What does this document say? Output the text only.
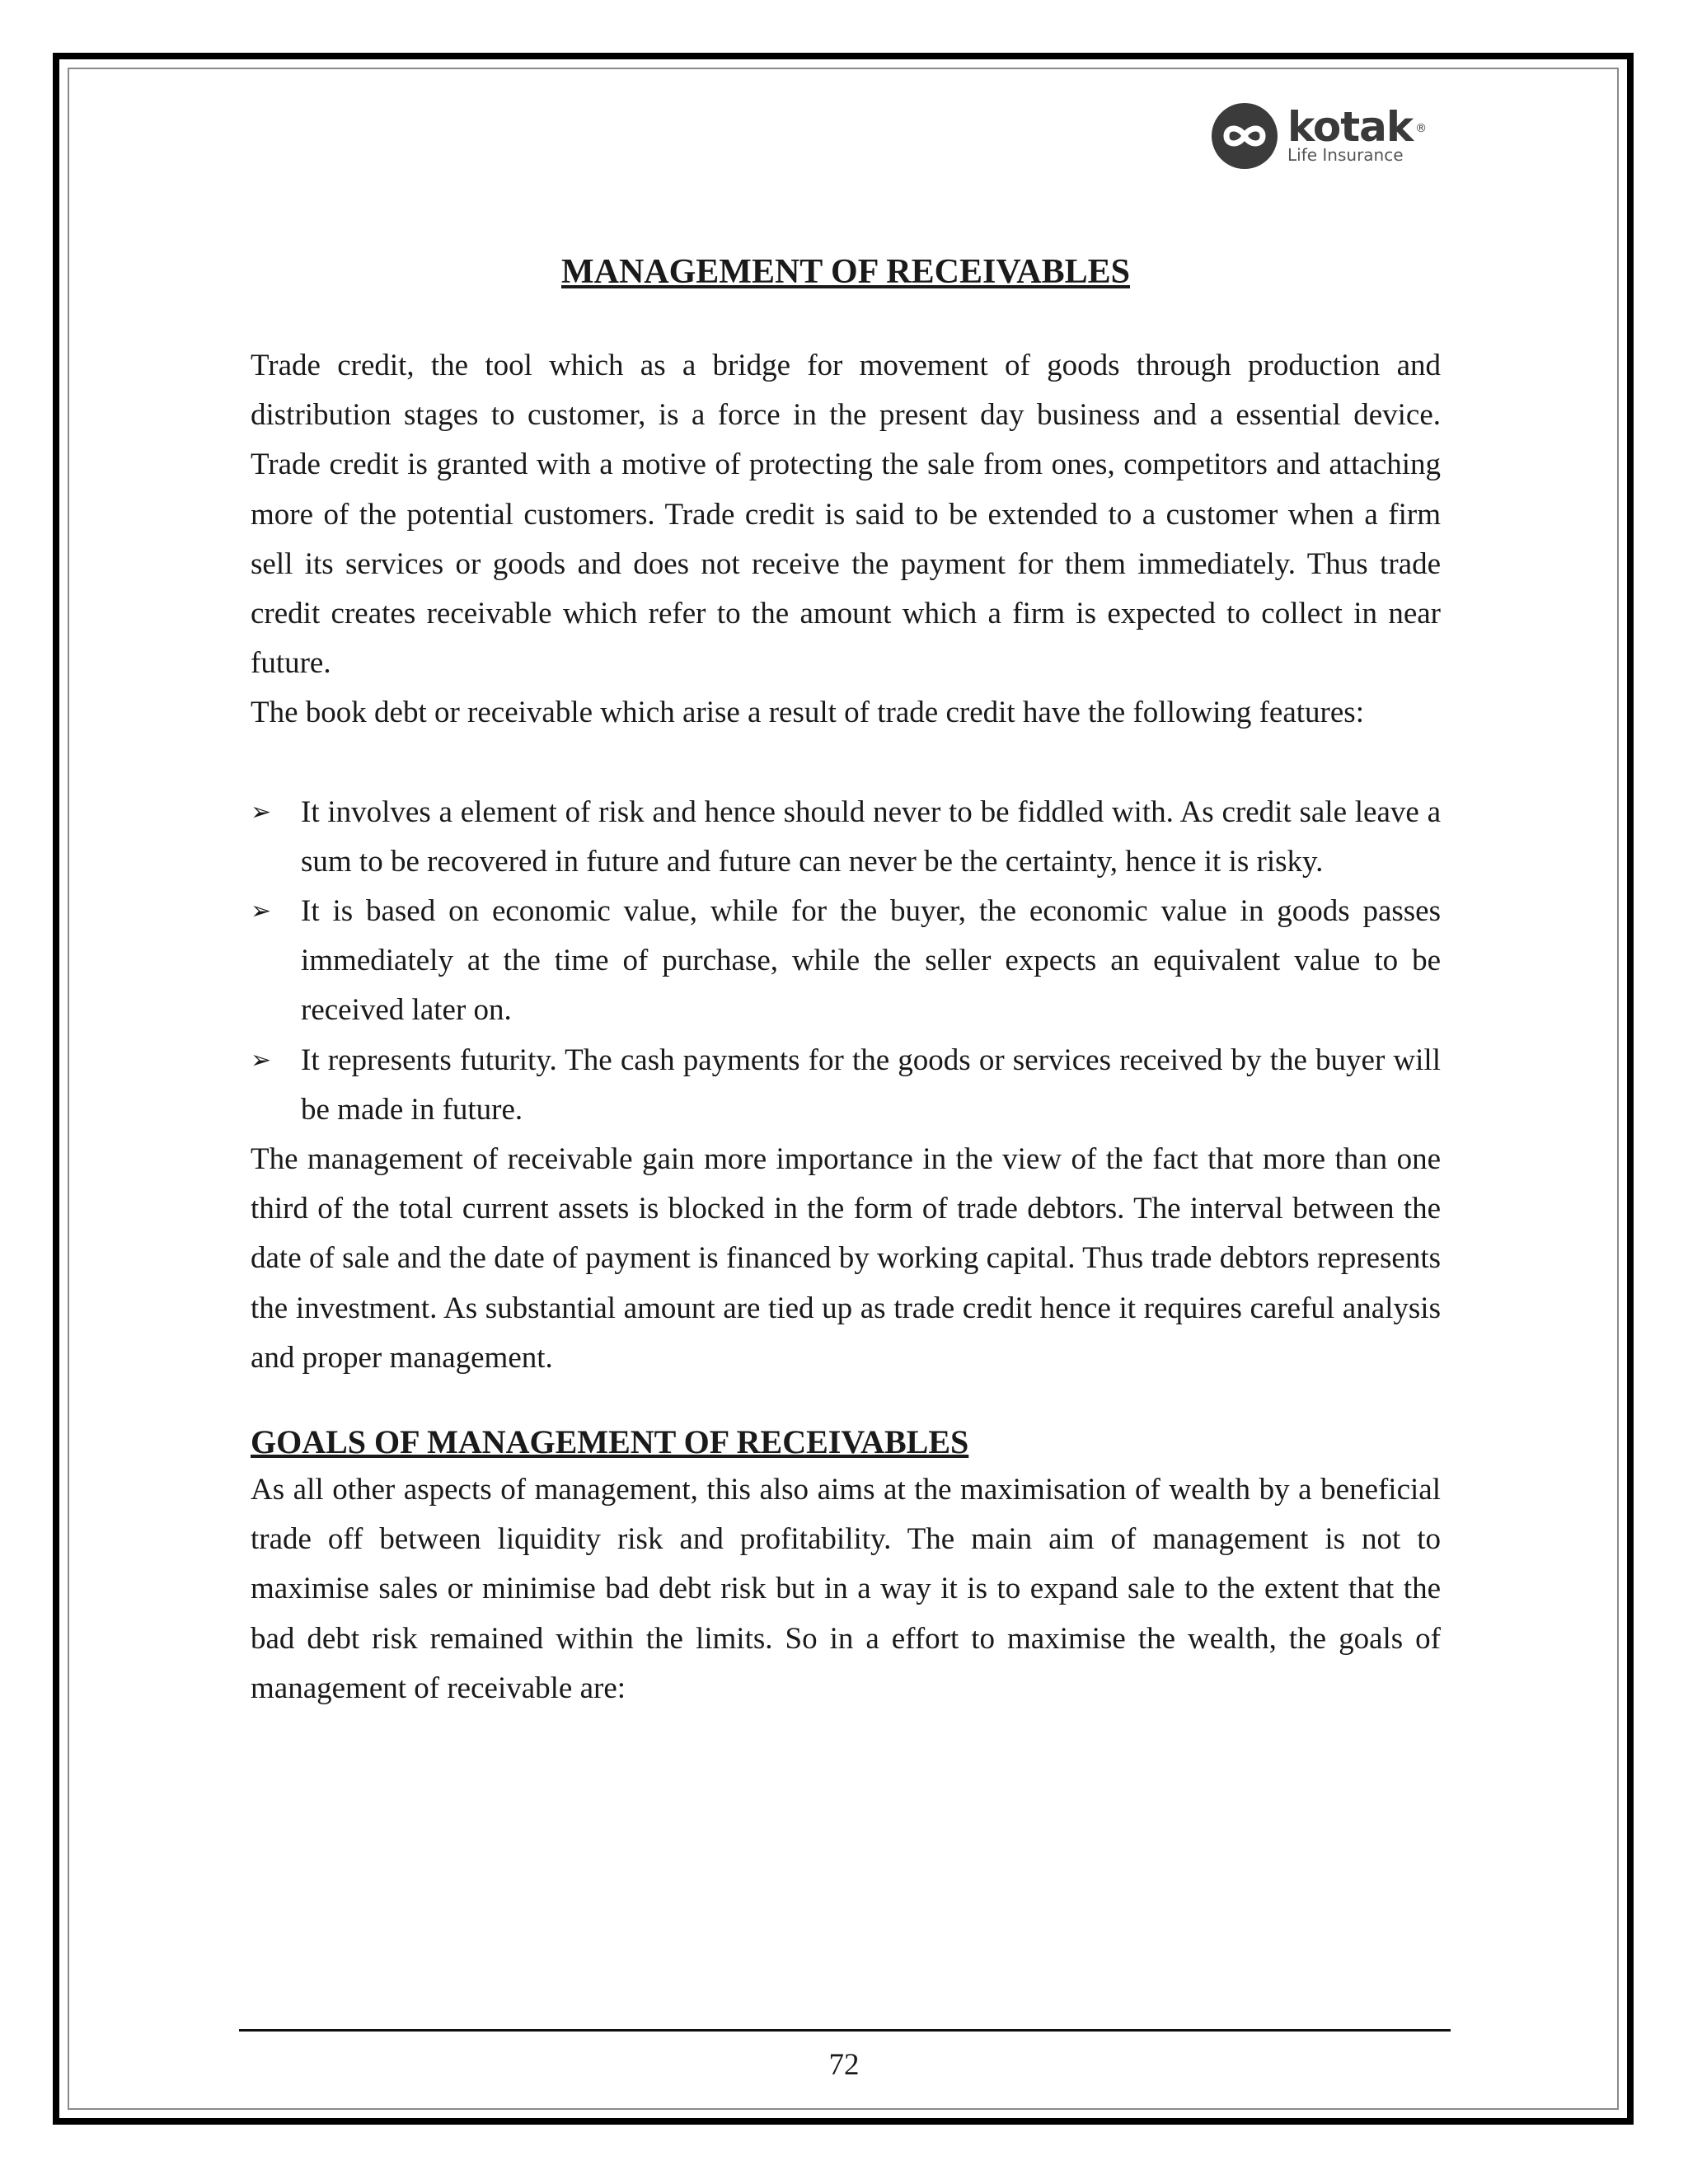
kotak ®
Life Insurance
MANAGEMENT OF RECEIVABLES

Trade credit, the tool which as a bridge for movement of goods through production and distribution stages to customer, is a force in the present day business and a essential device. Trade credit is granted with a motive of protecting the sale from ones, competitors and attaching more of the potential customers. Trade credit is said to be extended to a customer when a firm sell its services or goods and does not receive the payment for them immediately. Thus trade credit creates receivable which refer to the amount which a firm is expected to collect in near future.

The book debt or receivable which arise a result of trade credit have the following features:

➢ It involves a element of risk and hence should never to be fiddled with. As credit sale leave a sum to be recovered in future and future can never be the certainty, hence it is risky.
➢ It is based on economic value, while for the buyer, the economic value in goods passes immediately at the time of purchase, while the seller expects an equivalent value to be received later on.
➢ It represents futurity. The cash payments for the goods or services received by the buyer will be made in future.

The management of receivable gain more importance in the view of the fact that more than one third of the total current assets is blocked in the form of trade debtors. The interval between the date of sale and the date of payment is financed by working capital. Thus trade debtors represents the investment. As substantial amount are tied up as trade credit hence it requires careful analysis and proper management.

GOALS OF MANAGEMENT OF RECEIVABLES

As all other aspects of management, this also aims at the maximisation of wealth by a beneficial trade off between liquidity risk and profitability. The main aim of management is not to maximise sales or minimise bad debt risk but in a way it is to expand sale to the extent that the bad debt risk remained within the limits. So in a effort to maximise the wealth, the goals of management of receivable are:

72
